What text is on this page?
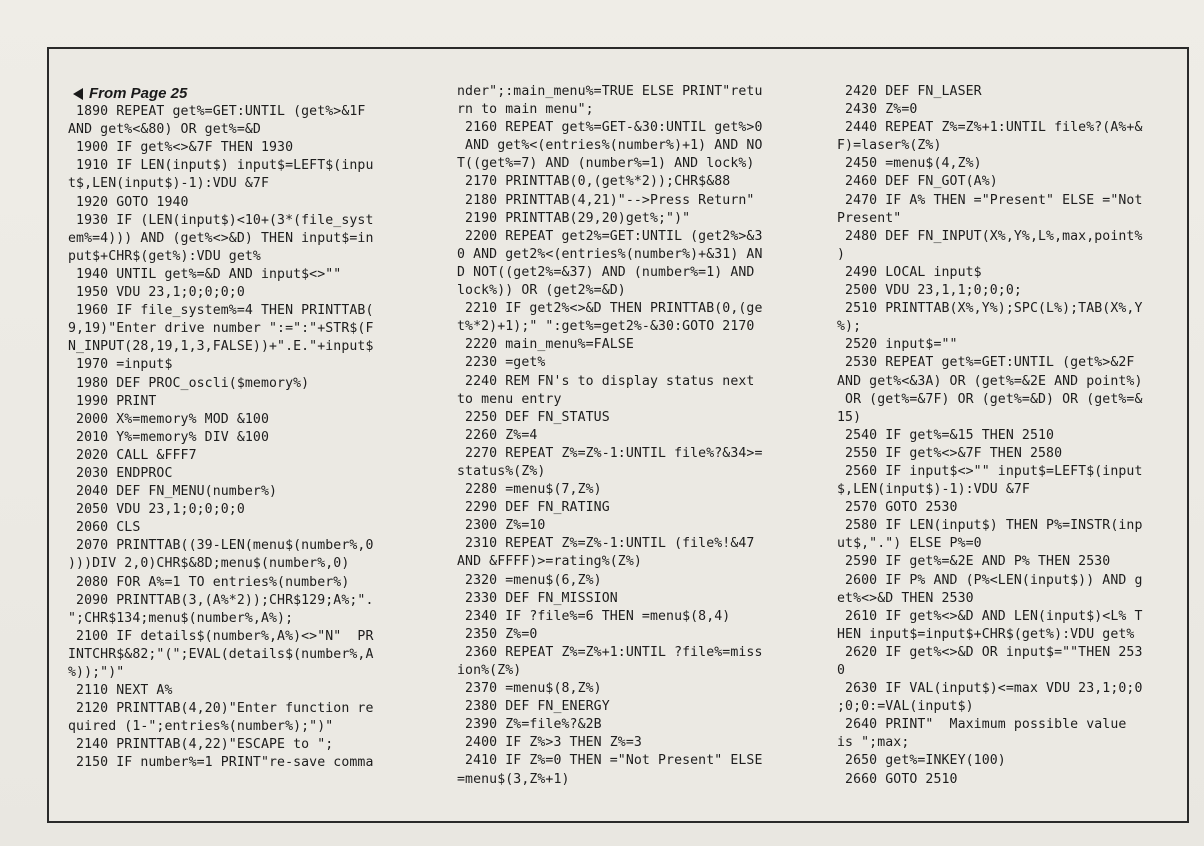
From Page 25
1890 REPEAT get%=GET:UNTIL (get%>&1F
AND get%<&80) OR get%=&D
1900 IF get%<>&7F THEN 1930
1910 IF LEN(input$) input$=LEFT$(inpu
t$,LEN(input$)-1):VDU &7F
1920 GOTO 1940
1930 IF (LEN(input$)<10+(3*(file_syst
em%=4))) AND (get%<>&D) THEN input$=in
put$+CHR$(get%):VDU get%
1940 UNTIL get%=&D AND input$<>""
1950 VDU 23,1;0;0;0;0
1960 IF file_system%=4 THEN PRINTTAB(
9,19)"Enter drive number ":=":"+STR$(F
N_INPUT(28,19,1,3,FALSE))+".E."+input$
1970 =input$
1980 DEF PROC_oscli($memory%)
1990 PRINT
2000 X%=memory% MOD &100
2010 Y%=memory% DIV &100
2020 CALL &FFF7
2030 ENDPROC
2040 DEF FN_MENU(number%)
2050 VDU 23,1;0;0;0;0
2060 CLS
2070 PRINTTAB((39-LEN(menu$(number%,0
)))DIV 2,0)CHR$&8D;menu$(number%,0)
2080 FOR A%=1 TO entries%(number%)
2090 PRINTTAB(3,(A%*2));CHR$129;A%;".
";CHR$134;menu$(number%,A%);
2100 IF details$(number%,A%)<>"N"  PR
INTCHR$&82;"(";EVAL(details$(number%,A
%));")"
2110 NEXT A%
2120 PRINTTAB(4,20)"Enter function re
quired (1-";entries%(number%);")"
2140 PRINTTAB(4,22)"ESCAPE to ";
2150 IF number%=1 PRINT"re-save comma
nder";:main_menu%=TRUE ELSE PRINT"retu
rn to main menu";
2160 REPEAT get%=GET-&30:UNTIL get%>0
AND get%<(entries%(number%)+1) AND NO
T((get%=7) AND (number%=1) AND lock%)
2170 PRINTTAB(0,(get%*2));CHR$&88
2180 PRINTTAB(4,21)"-->Press Return"
2190 PRINTTAB(29,20)get%;")"
2200 REPEAT get2%=GET:UNTIL (get2%>&3
0 AND get2%<(entries%(number%)+&31) AN
D NOT((get2%=&37) AND (number%=1) AND
lock%)) OR (get2%=&D)
2210 IF get2%<>&D THEN PRINTTAB(0,(ge
t%*2)+1);" ":get%=get2%-&30:GOTO 2170
2220 main_menu%=FALSE
2230 =get%
2240 REM FN's to display status next
to menu entry
2250 DEF FN_STATUS
2260 Z%=4
2270 REPEAT Z%=Z%-1:UNTIL file%?&34>=
status%(Z%)
2280 =menu$(7,Z%)
2290 DEF FN_RATING
2300 Z%=10
2310 REPEAT Z%=Z%-1:UNTIL (file%!&47
AND &FFFF)>=rating%(Z%)
2320 =menu$(6,Z%)
2330 DEF FN_MISSION
2340 IF ?file%=6 THEN =menu$(8,4)
2350 Z%=0
2360 REPEAT Z%=Z%+1:UNTIL ?file%=miss
ion%(Z%)
2370 =menu$(8,Z%)
2380 DEF FN_ENERGY
2390 Z%=file%?&2B
2400 IF Z%>3 THEN Z%=3
2410 IF Z%=0 THEN ="Not Present" ELSE
=menu$(3,Z%+1)
2420 DEF FN_LASER
2430 Z%=0
2440 REPEAT Z%=Z%+1:UNTIL file%?(A%+&
F)=laser%(Z%)
2450 =menu$(4,Z%)
2460 DEF FN_GOT(A%)
2470 IF A% THEN ="Present" ELSE ="Not
Present"
2480 DEF FN_INPUT(X%,Y%,L%,max,point%
)
2490 LOCAL input$
2500 VDU 23,1,1;0;0;0;
2510 PRINTTAB(X%,Y%);SPC(L%);TAB(X%,Y
%);
2520 input$=""
2530 REPEAT get%=GET:UNTIL (get%>&2F
AND get%<&3A) OR (get%=&2E AND point%)
OR (get%=&7F) OR (get%=&D) OR (get%=&
15)
2540 IF get%=&15 THEN 2510
2550 IF get%<>&7F THEN 2580
2560 IF input$<>"" input$=LEFT$(input
$,LEN(input$)-1):VDU &7F
2570 GOTO 2530
2580 IF LEN(input$) THEN P%=INSTR(inp
ut$,".") ELSE P%=0
2590 IF get%=&2E AND P% THEN 2530
2600 IF P% AND (P%<LEN(input$)) AND g
et%<>&D THEN 2530
2610 IF get%<>&D AND LEN(input$)<L% T
HEN input$=input$+CHR$(get%):VDU get%
2620 IF get%<>&D OR input$=""THEN 253
0
2630 IF VAL(input$)<=max VDU 23,1;0;0
;0;0:=VAL(input$)
2640 PRINT"  Maximum possible value
is ";max;
2650 get%=INKEY(100)
2660 GOTO 2510
